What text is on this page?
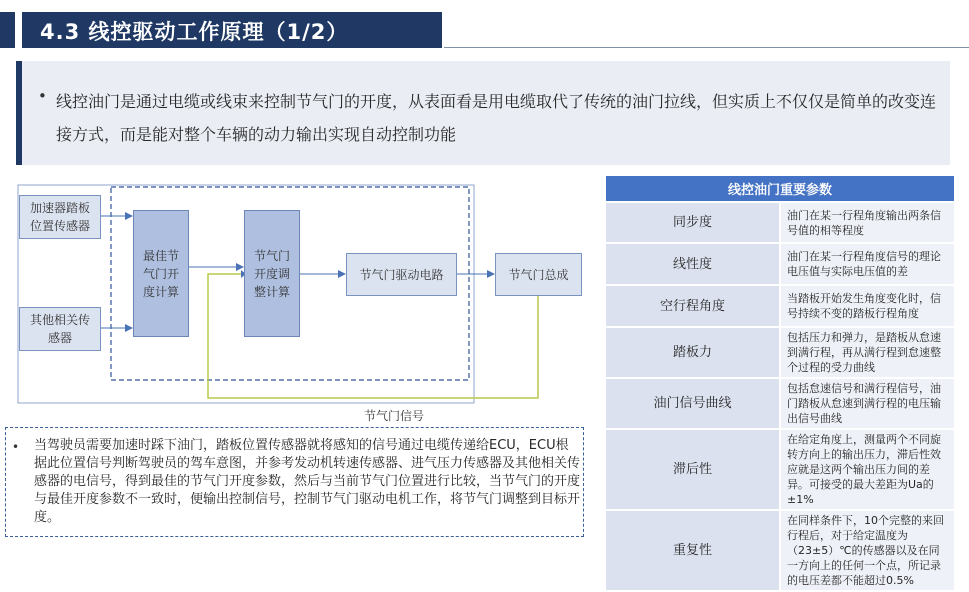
4.3 线控驱动工作原理（1/2）
• 线控油门是通过电缆或线束来控制节气门的开度，从表面看是用电缆取代了传统的油门拉线，但实质上不仅仅是简单的改变连接方式，而是能对整个车辆的动力输出实现自动控制功能
加速器踏板位置传感器
其他相关传感器
最佳节气门开度计算
节气门开度调整计算
节气门驱动电路	节气门总成
节气门信号
• 当驾驶员需要加速时踩下油门，踏板位置传感器就将感知的信号通过电缆传递给ECU，ECU根据此位置信号判断驾驶员的驾车意图，并参考发动机转速传感器、进气压力传感器及其他相关传感器的电信号，得到最佳的节气门开度参数，然后与当前节气门位置进行比较，当节气门的开度与最佳开度参数不一致时，便输出控制信号，控制节气门驱动电机工作，将节气门调整到目标开度。
线控油门重要参数	
同步度	油门在某一行程角度输出两条信号值的相等程度
线性度	油门在某一行程角度信号的理论电压值与实际电压值的差
空行程角度	当踏板开始发生角度变化时，信号持续不变的踏板行程角度
踏板力	包括压力和弹力，是踏板从怠速到满行程，再从满行程到怠速整个过程的受力曲线
油门信号曲线	包括怠速信号和满行程信号，油门踏板从怠速到满行程的电压输出信号曲线
滞后性	在给定角度上，测量两个不同旋转方向上的输出压力，滞后性效应就是这两个输出压力间的差异。可接受的最大差距为Ua的±1%
重复性	在同样条件下，10个完整的来回行程后，对于给定温度为（23±5）℃的传感器以及在同一方向上的任何一个点，所记录的电压差都不能超过0.5%
